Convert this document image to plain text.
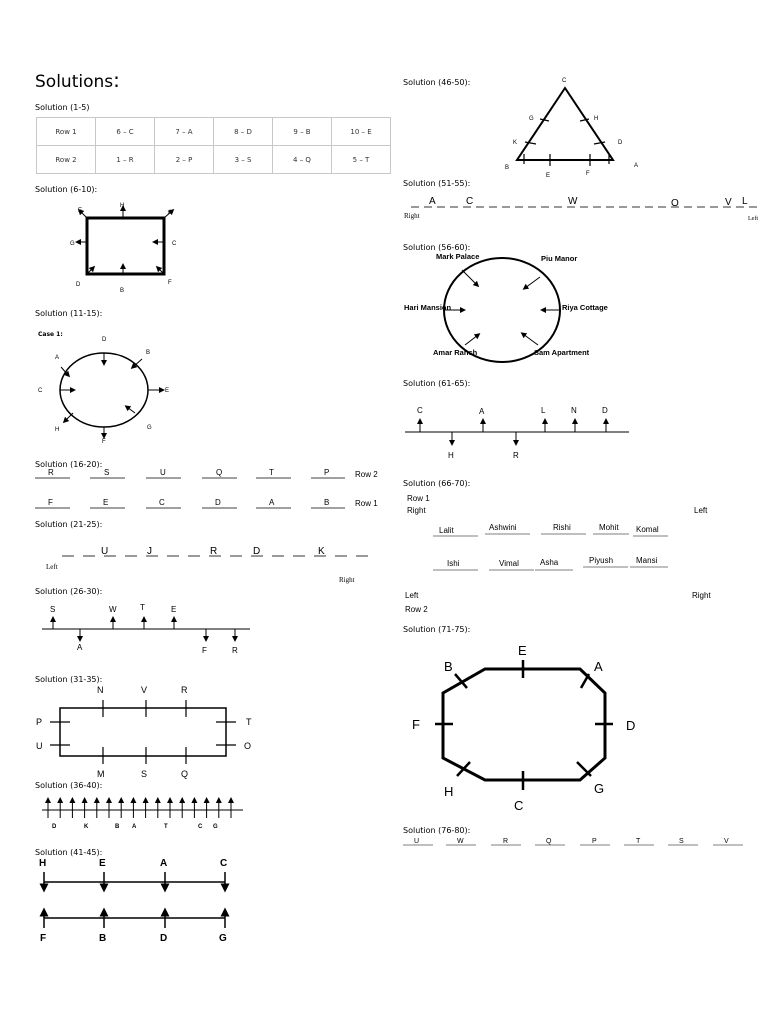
Solutions:
Solution (1-5)
Row 1	6 – C	7 – A	8 – D	9 – B	10 – E
Row 2	1 – R	2 – P	3 – S	4 – Q	5 – T
Solution (6-10):
H
A
E
G	C
D
B
F
Solution (11-15):
Case 1:
D
B
A
C	E
H	G
F
Solution (16-20):
R	S	U	Q	T	P	Row 2
F	E	C	D	A	B	Row 1
Solution (21-25):
U	J	R	D	K
Left
Right
Solution (26-30):
S	W	T	E
A	F	R
Solution (31-35):
N	V	R
M	S	Q
P
U
T
O
Solution (36-40):
D	K	B A	T	C G
Solution (41-45):
H	E	A	C
F	B	D	G
Solution (46-50):	C
G	H
K	D
B
E	F
A
Solution (51-55):
A	C	W	O	V L
Right	Left
Solution (56-60):
Mark Palace	Piu Manor
Hari Mansion	Riya Cottage
Amar Ranch	Sam Apartment
Solution (61-65):
C	A	L	N	D
H	R
Solution (66-70):
Row 1
Right	Left
Lalit	Ashwini	Rishi	Mohit Komal
Ishi	Vimal	Asha	Piyush	Mansi
Left	Right
Row 2
Solution (71-75):
B
E
A
F	D
H
C
G
Solution (76-80):
U	W	R	Q	P	T	S	V
